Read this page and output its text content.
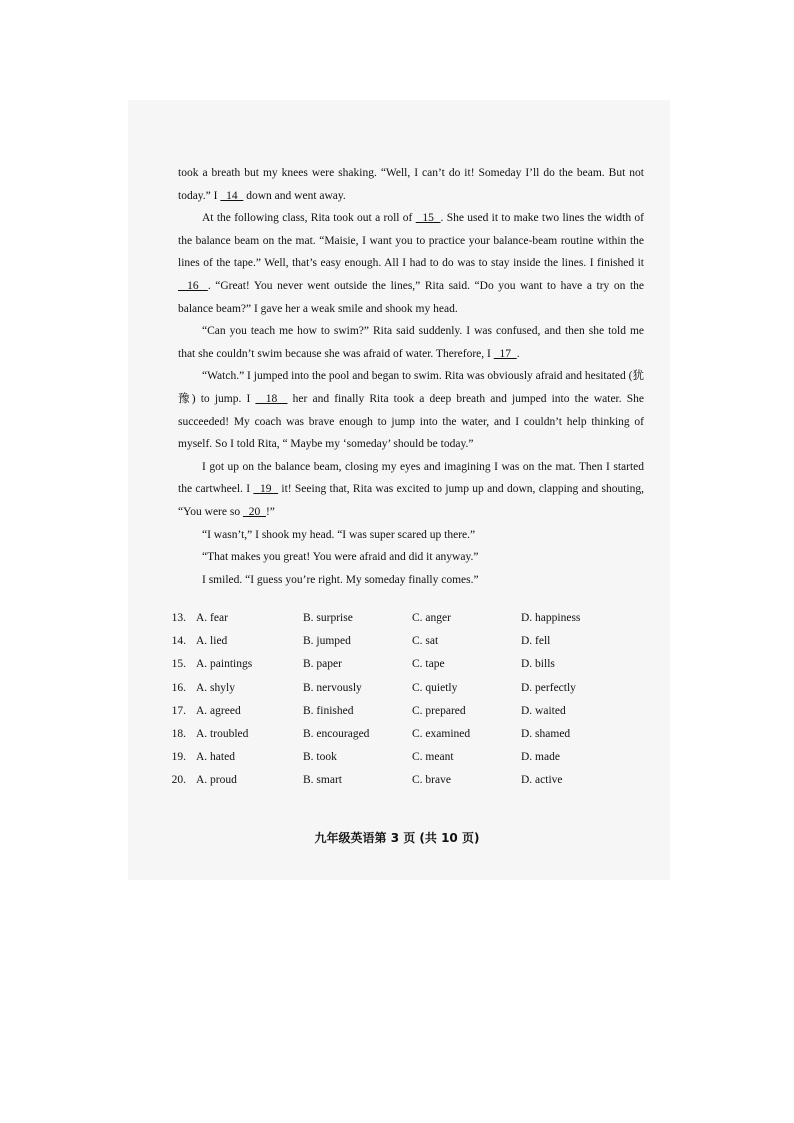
took a breath but my knees were shaking. “Well, I can’t do it! Someday I’ll do the beam. But not today.” I   14   down and went away.

At the following class, Rita took out a roll of   15  . She used it to make two lines the width of the balance beam on the mat. “Maisie, I want you to practice your balance-beam routine within the lines of the tape.” Well, that’s easy enough. All I had to do was to stay inside the lines. I finished it   16  . “Great! You never went outside the lines,” Rita said. “Do you want to have a try on the balance beam?” I gave her a weak smile and shook my head.

“Can you teach me how to swim?” Rita said suddenly. I was confused, and then she told me that she couldn’t swim because she was afraid of water. Therefore, I   17  .

“Watch.” I jumped into the pool and began to swim. Rita was obviously afraid and hesitated (犹豫) to jump. I   18   her and finally Rita took a deep breath and jumped into the water. She succeeded! My coach was brave enough to jump into the water, and I couldn’t help thinking of myself. So I told Rita, “ Maybe my ‘someday’ should be today.”

I got up on the balance beam, closing my eyes and imagining I was on the mat. Then I started the cartwheel. I   19   it! Seeing that, Rita was excited to jump up and down, clapping and shouting, “You were so   20  !”

“I wasn’t,” I shook my head. “I was super scared up there.”

“That makes you great! You were afraid and did it anyway.”

I smiled. “I guess you’re right. My someday finally comes.”

13. A. fear	B. surprise	C. anger	D. happiness
14. A. lied	B. jumped	C. sat	D. fell
15. A. paintings	B. paper	C. tape	D. bills
16. A. shyly	B. nervously	C. quietly	D. perfectly
17. A. agreed	B. finished	C. prepared	D. waited
18. A. troubled	B. encouraged	C. examined	D. shamed
19. A. hated	B. took	C. meant	D. made
20. A. proud	B. smart	C. brave	D. active
九年级英语第 3 页 (共 10 页)
